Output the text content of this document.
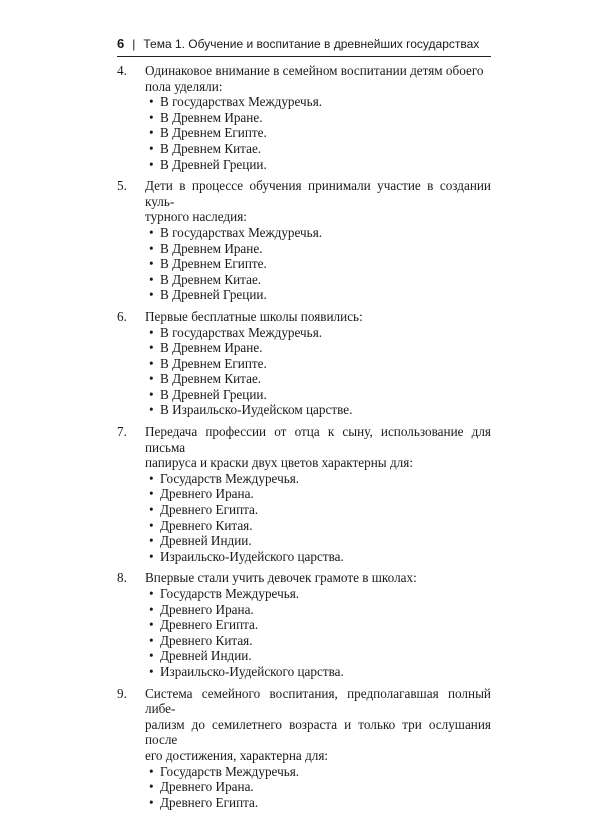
6 | Тема 1. Обучение и воспитание в древнейших государствах
4.	Одинаковое внимание в семейном воспитании детям обоего
пола уделяли:
• В государствах Междуречья.
• В Древнем Иране.
• В Древнем Египте.
• В Древнем Китае.
• В Древней Греции.
5.	Дети в процессе обучения принимали участие в создании куль-
турного наследия:
• В государствах Междуречья.
• В Древнем Иране.
• В Древнем Египте.
• В Древнем Китае.
• В Древней Греции.
6.	Первые бесплатные школы появились:
• В государствах Междуречья.
• В Древнем Иране.
• В Древнем Египте.
• В Древнем Китае.
• В Древней Греции.
• В Израильско-Иудейском царстве.
7.	Передача профессии от отца к сыну, использование для письма
папируса и краски двух цветов характерны для:
• Государств Междуречья.
• Древнего Ирана.
• Древнего Египта.
• Древнего Китая.
• Древней Индии.
• Израильско-Иудейского царства.
8.	Впервые стали учить девочек грамоте в школах:
• Государств Междуречья.
• Древнего Ирана.
• Древнего Египта.
• Древнего Китая.
• Древней Индии.
• Израильско-Иудейского царства.
9.	Система семейного воспитания, предполагавшая полный либе-
рализм до семилетнего возраста и только три ослушания после
его достижения, характерна для:
• Государств Междуречья.
• Древнего Ирана.
• Древнего Египта.
